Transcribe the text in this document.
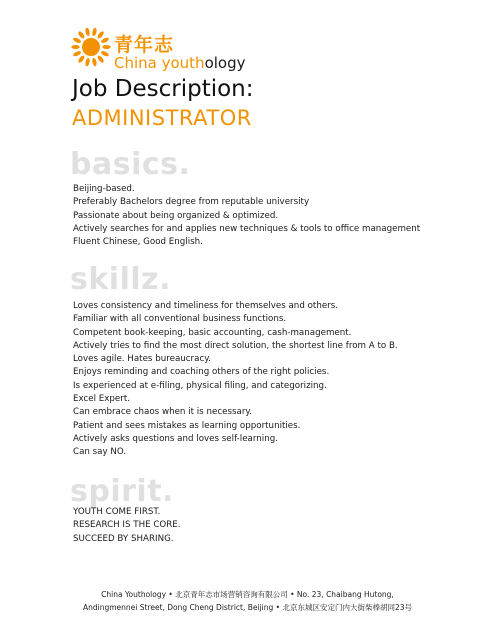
青年志
China youthology
Job Description:
ADMINISTRATOR
basics.
Beijing-based.
Preferably Bachelors degree from reputable university
Passionate about being organized & optimized.
Actively searches for and applies new techniques & tools to office management
Fluent Chinese, Good English.
skillz.
Loves consistency and timeliness for themselves and others.
Familiar with all conventional business functions.
Competent book-keeping, basic accounting, cash-management.
Actively tries to find the most direct solution, the shortest line from A to B.
Loves agile. Hates bureaucracy.
Enjoys reminding and coaching others of the right policies.
Is experienced at e-filing, physical filing, and categorizing.
Excel Expert.
Can embrace chaos when it is necessary.
Patient and sees mistakes as learning opportunities.
Actively asks questions and loves self-learning.
Can say NO.
spirit.
YOUTH COME FIRST.
RESEARCH IS THE CORE.
SUCCEED BY SHARING.
China Youthology • 北京青年志市场营销咨询有限公司 • No. 23, Chaibang Hutong,
Andingmennei Street, Dong Cheng District, Beijing • 北京东城区安定门内大街柴棒胡同23号
